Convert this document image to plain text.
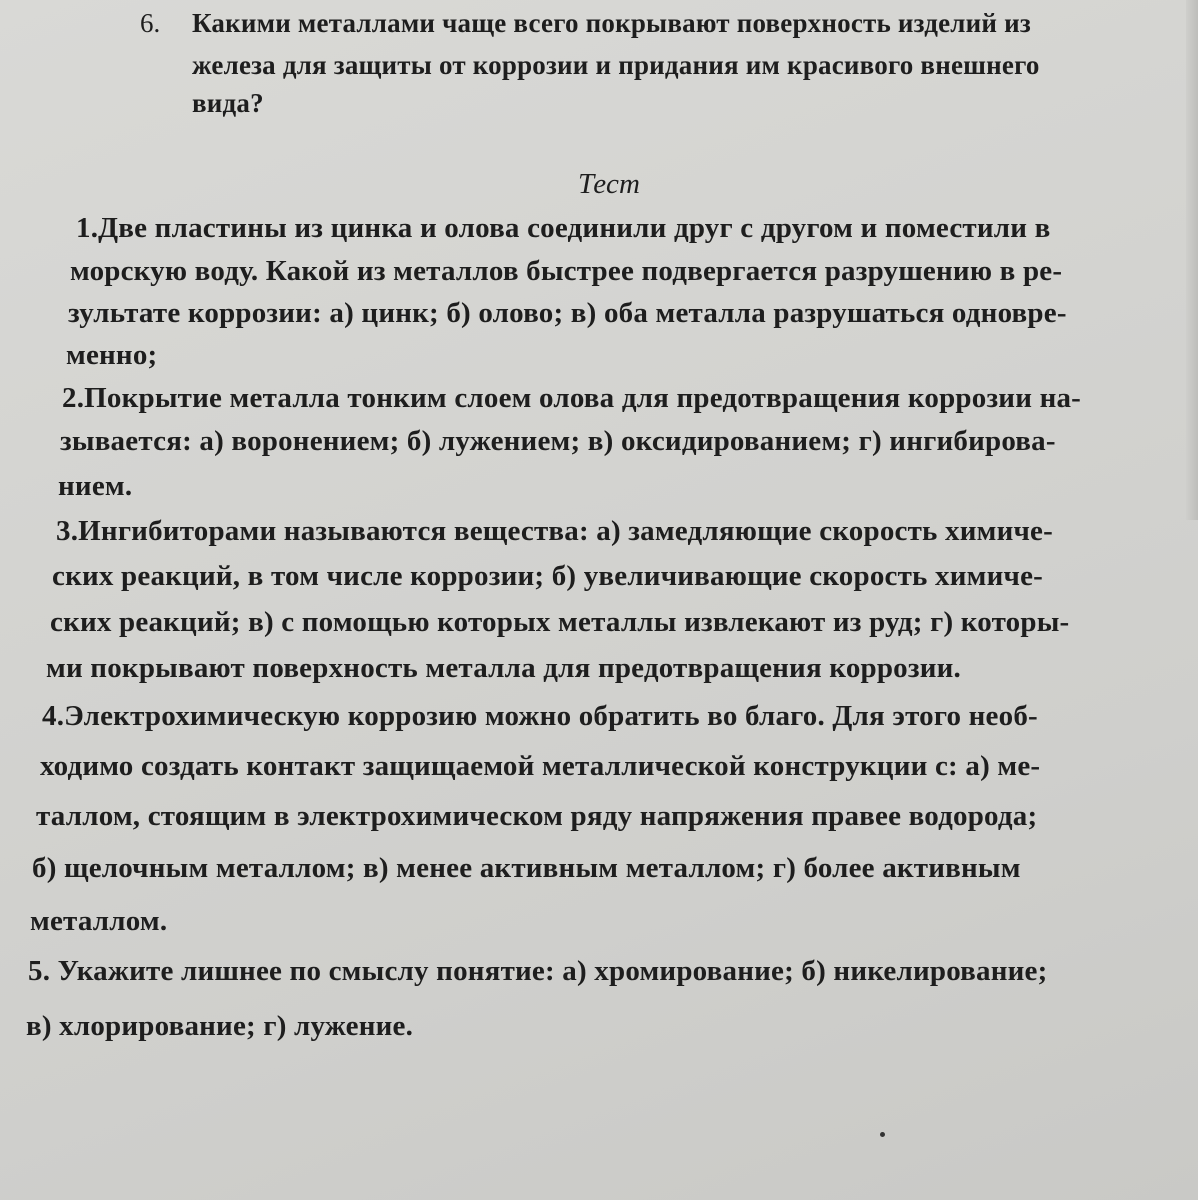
6. Какими металлами чаще всего покрывают поверхность изделий из
железа для защиты от коррозии и придания им красивого внешнего
вида?
Тест
1.Две пластины из цинка и олова соединили друг с другом и поместили в
морскую воду. Какой из металлов быстрее подвергается разрушению в ре-
зультате коррозии: а) цинк; б) олово; в) оба металла разрушаться одновре-
менно;
2.Покрытие металла тонким слоем олова для предотвращения коррозии на-
зывается: а) воронением; б) лужением; в) оксидированием; г) ингибирова-
нием.
3.Ингибиторами называются вещества: а) замедляющие скорость химиче-
ских реакций, в том числе коррозии; б) увеличивающие скорость химиче-
ских реакций; в) с помощью которых металлы извлекают из руд; г) которы-
ми покрывают поверхность металла для предотвращения коррозии.
4.Электрохимическую коррозию можно обратить во благо. Для этого необ-
ходимо создать контакт защищаемой металлической конструкции с: а) ме-
таллом, стоящим в электрохимическом ряду напряжения правее водорода;
б) щелочным металлом; в) менее активным металлом; г) более активным
металлом.
5. Укажите лишнее по смыслу понятие: а) хромирование; б) никелирование;
в) хлорирование; г) лужение.
